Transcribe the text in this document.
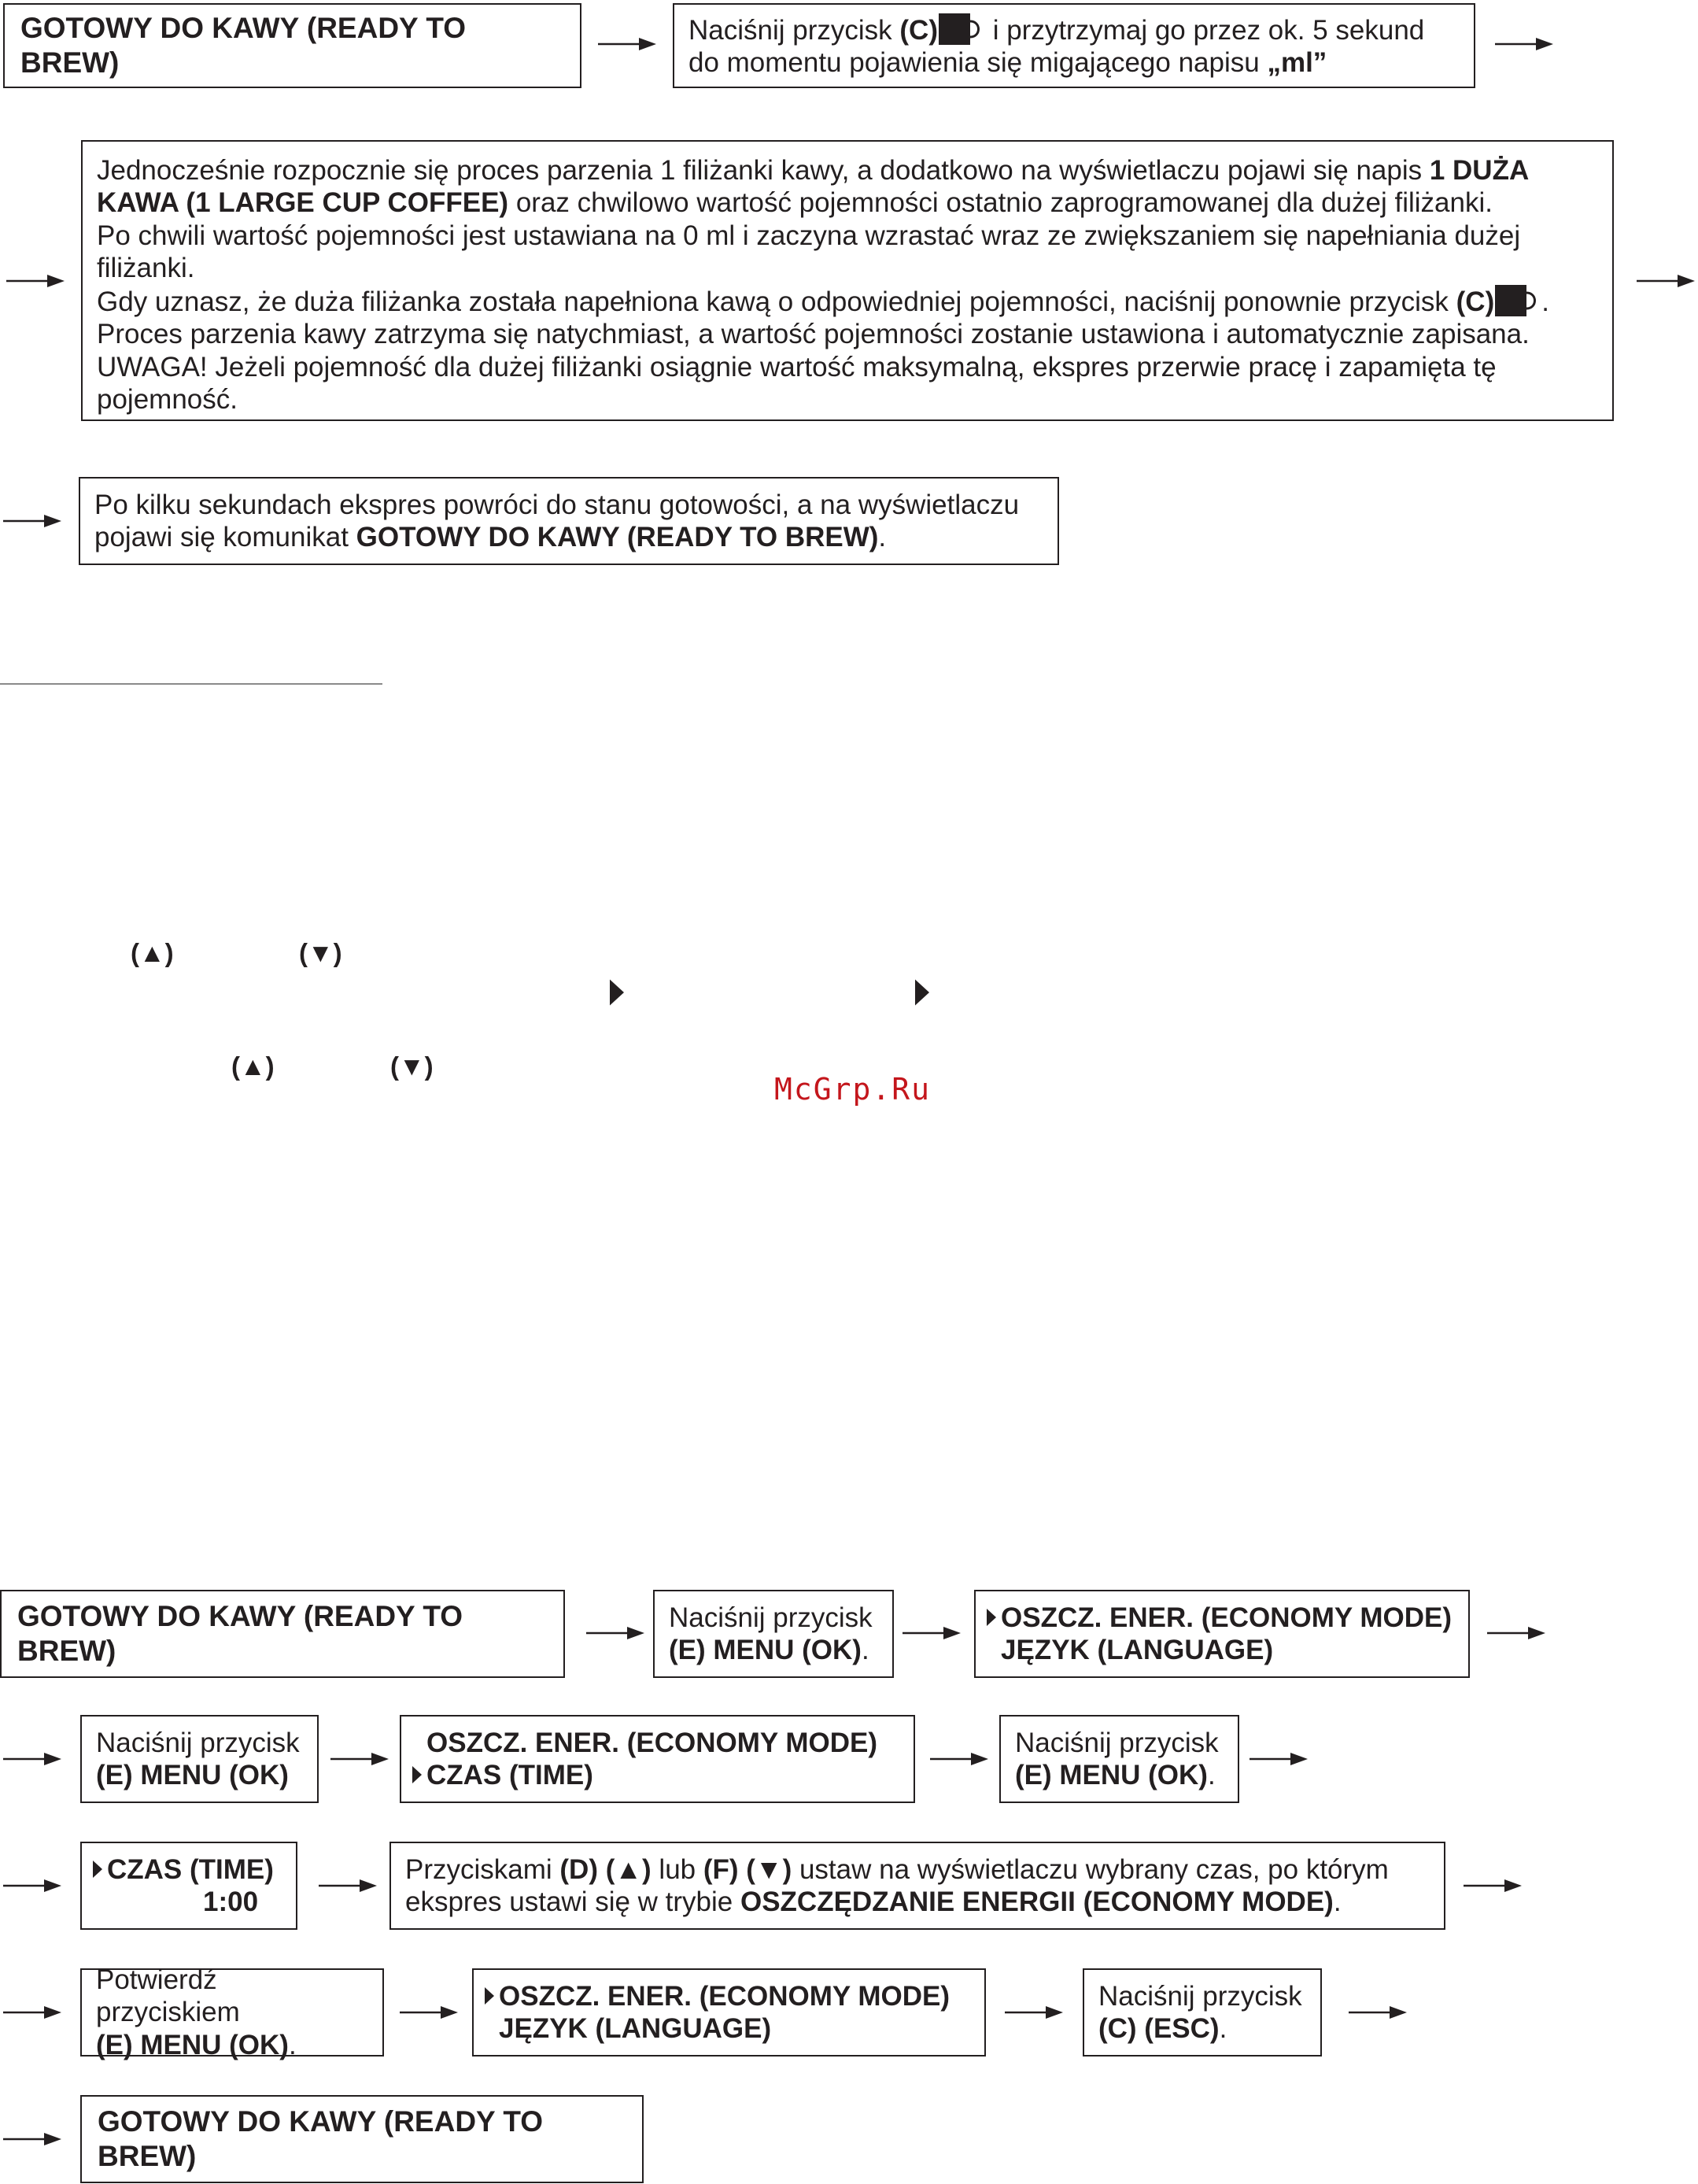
GOTOWY DO KAWY (READY TO BREW)

Naciśnij przycisk (C) i przytrzymaj go przez ok. 5 sekund

do momentu pojawienia się migającego napisu „ml”

Jednocześnie rozpocznie się proces parzenia 1 filiżanki kawy, a dodatkowo na wyświetlaczu pojawi się napis 1 DUŻA KAWA (1 LARGE CUP COFFEE) oraz chwilowo wartość pojemności ostatnio zaprogramowanej dla dużej filiżanki.

Po chwili wartość pojemności jest ustawiana na 0 ml i zaczyna wzrastać wraz ze zwiększaniem się napełniania dużej filiżanki.

Gdy uznasz, że duża filiżanka została napełniona kawą o odpowiedniej pojemności, naciśnij ponownie przycisk (C) .

Proces parzenia kawy zatrzyma się natychmiast, a wartość pojemności zostanie ustawiona i automatycznie zapisana.

UWAGA! Jeżeli pojemność dla dużej filiżanki osiągnie wartość maksymalną, ekspres przerwie pracę i zapamięta tę pojemność.

Po kilku sekundach ekspres powróci do stanu gotowości, a na wyświetlaczu

pojawi się komunikat GOTOWY DO KAWY (READY TO BREW).

(▲)	(▼)
(▲)	(▼)
McGrp.Ru
GOTOWY DO KAWY (READY TO BREW)

Naciśnij przycisk

(E) MENU (OK).

OSZCZ. ENER. (ECONOMY MODE)

JĘZYK (LANGUAGE)

Naciśnij przycisk

(E) MENU (OK)

OSZCZ. ENER. (ECONOMY MODE)

CZAS (TIME)

Naciśnij przycisk

(E) MENU (OK).

CZAS (TIME)

1:00

Przyciskami (D) (▲) lub (F) (▼) ustaw na wyświetlaczu wybrany czas, po którym

ekspres ustawi się w trybie OSZCZĘDZANIE ENERGII (ECONOMY MODE).

Potwierdź przyciskiem

(E) MENU (OK).

OSZCZ. ENER. (ECONOMY MODE)

JĘZYK (LANGUAGE)

Naciśnij przycisk

(C) (ESC).

GOTOWY DO KAWY (READY TO BREW)
